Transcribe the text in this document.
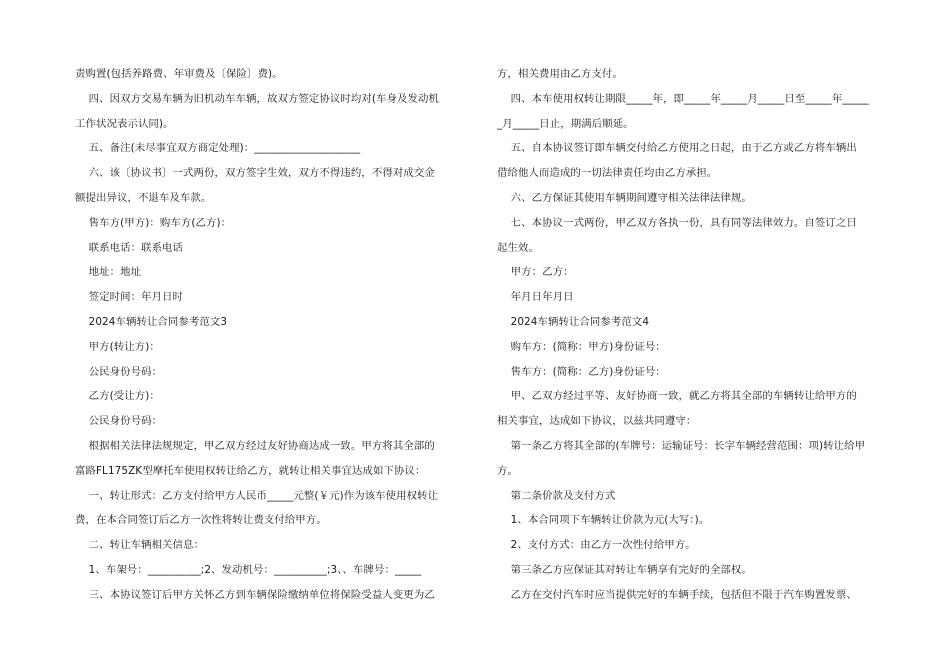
责购置(包括养路费、年审费及〔保险〕费)。

四、因双方交易车辆为旧机动车车辆，故双方签定协议时均对(车身及发动机

工作状况表示认同)。

五、备注(未尽事宜双方商定处理)：____________________

六、该〔协议书〕一式两份，双方签字生效，双方不得违约，不得对成交金

额提出异议，不退车及车款。

售车方(甲方)：购车方(乙方)：

联系电话：联系电话

地址：地址

签定时间：年月日时

2024车辆转让合同参考范文3

甲方(转让方)：

公民身份号码：

乙方(受让方)：

公民身份号码：

根据相关法律法规规定，甲乙双方经过友好协商达成一致。甲方将其全部的

富路FL175ZK型摩托车使用权转让给乙方，就转让相关事宜达成如下协议：

一、转让形式：乙方支付给甲方人民币_____元整(￥元)作为该车使用权转让

费，在本合同签订后乙方一次性将转让费支付给甲方。

二、转让车辆相关信息：

1、车架号：__________;2、发动机号：__________;3、、车牌号：_____

三、本协议签订后甲方关怀乙方到车辆保险缴纳单位将保险受益人变更为乙

方，相关费用由乙方支付。

四、本车使用权转让期限_____年，即_____年_____月_____日至_____年_____

_月_____日止，期满后顺延。

五、自本协议签订即车辆交付给乙方使用之日起，由于乙方或乙方将车辆出

借给他人而造成的一切法律责任均由乙方承担。

六、乙方保证其使用车辆期间遵守相关法律法律规。

七、本协议一式两份，甲乙双方各执一份，具有同等法律效力。自签订之日

起生效。

甲方：乙方：

年月日年月日

2024车辆转让合同参考范文4

购车方：(简称：甲方)身份证号：

售车方：(简称：乙方)身份证号：

甲、乙双方经过平等、友好协商一致，就乙方将其全部的车辆转让给甲方的

相关事宜，达成如下协议，以兹共同遵守：

第一条乙方将其全部的(车牌号：运输证号：长字车辆经营范围：项)转让给甲

方。

第二条价款及支付方式

1、本合同项下车辆转让价款为元(大写：)。

2、支付方式：由乙方一次性付给甲方。

第三条乙方应保证其对转让车辆享有完好的全部权。

乙方在交付汽车时应当提供完好的车辆手续，包括但不限于汽车购置发票、
